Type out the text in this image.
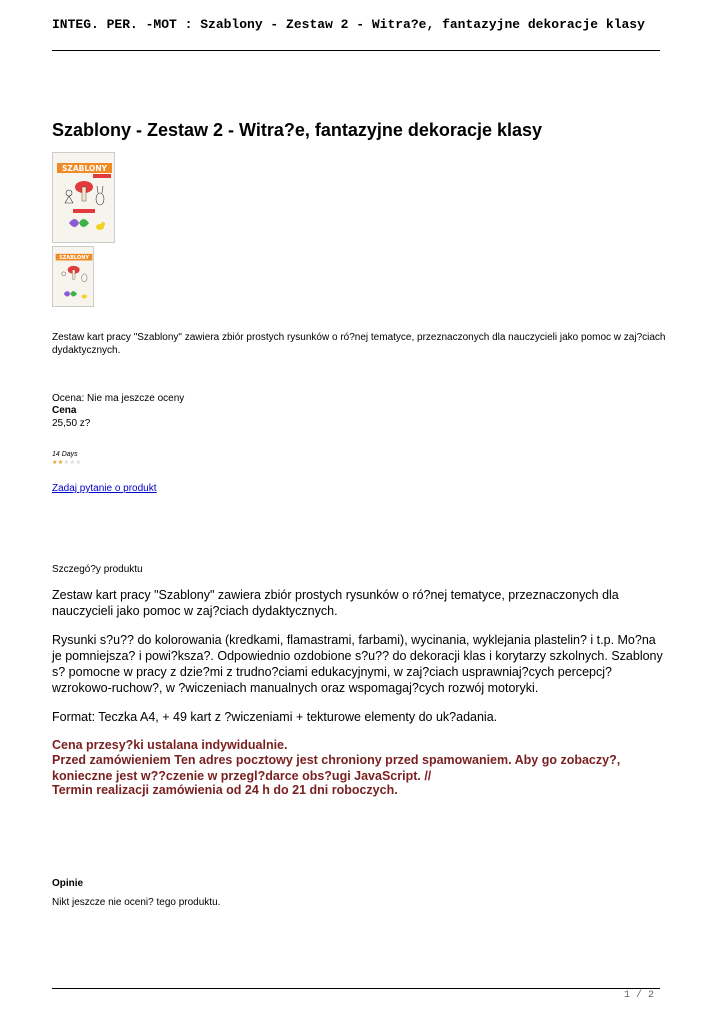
INTEG. PER. -MOT : Szablony - Zestaw 2 - Witra?e, fantazyjne dekoracje klasy
Szablony - Zestaw 2 - Witra?e, fantazyjne dekoracje klasy
SZABLONY
SZABLONY
Zestaw kart pracy "Szablony" zawiera zbiór prostych rysunków o ró?nej tematyce, przeznaczonych dla nauczycieli jako pomoc w zaj?ciach dydaktycznych.
Ocena: Nie ma jeszcze oceny
Cena
25,50 z?
14 Days
★★★★★
Zadaj pytanie o produkt
Szczegó?y produktu
Zestaw kart pracy "Szablony" zawiera zbiór prostych rysunków o ró?nej tematyce, przeznaczonych dla nauczycieli jako pomoc w zaj?ciach dydaktycznych.
Rysunki s?u?? do kolorowania (kredkami, flamastrami, farbami), wycinania, wyklejania plastelin? i t.p. Mo?na je pomniejsza? i powi?ksza?. Odpowiednio ozdobione s?u?? do dekoracji klas i korytarzy szkolnych. Szablony s? pomocne w pracy z dzie?mi z trudno?ciami edukacyjnymi, w zaj?ciach usprawniaj?cych percepcj? wzrokowo-ruchow?, w ?wiczeniach manualnych oraz wspomagaj?cych rozwój motoryki.
Format: Teczka A4, + 49 kart z ?wiczeniami + tekturowe elementy do uk?adania.
Cena przesy?ki ustalana indywidualnie.
Przed zamówieniem Ten adres pocztowy jest chroniony przed spamowaniem. Aby go zobaczy?, konieczne jest w??czenie w przegl?darce obs?ugi JavaScript. //
Termin realizacji zamówienia od 24 h do 21 dni roboczych.
Opinie
Nikt jeszcze nie oceni? tego produktu.
1 / 2
